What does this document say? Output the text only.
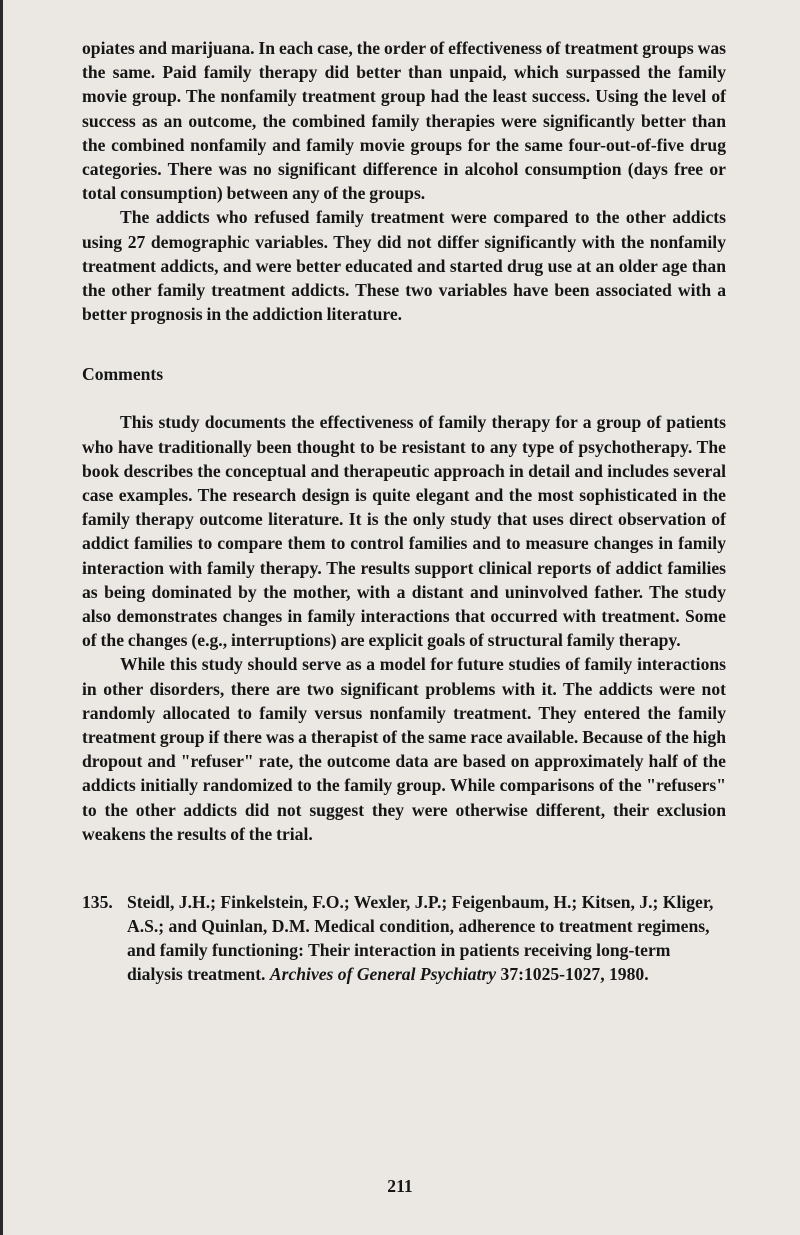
opiates and marijuana. In each case, the order of effectiveness of treatment groups was the same. Paid family therapy did better than unpaid, which surpassed the family movie group. The nonfamily treatment group had the least success. Using the level of success as an outcome, the combined family therapies were significantly better than the combined nonfamily and family movie groups for the same four-out-of-five drug categories. There was no significant difference in alcohol consumption (days free or total consumption) between any of the groups.

The addicts who refused family treatment were compared to the other addicts using 27 demographic variables. They did not differ significantly with the nonfamily treatment addicts, and were better educated and started drug use at an older age than the other family treatment addicts. These two variables have been associated with a better prognosis in the addiction literature.

Comments

This study documents the effectiveness of family therapy for a group of patients who have traditionally been thought to be resistant to any type of psychotherapy. The book describes the conceptual and therapeutic approach in detail and includes several case examples. The research design is quite elegant and the most sophisticated in the family therapy outcome literature. It is the only study that uses direct observation of addict families to compare them to control families and to measure changes in family interaction with family therapy. The results support clinical reports of addict families as being dominated by the mother, with a distant and uninvolved father. The study also demonstrates changes in family interactions that occurred with treatment. Some of the changes (e.g., interruptions) are explicit goals of structural family therapy.

While this study should serve as a model for future studies of family interactions in other disorders, there are two significant problems with it. The addicts were not randomly allocated to family versus nonfamily treatment. They entered the family treatment group if there was a therapist of the same race available. Because of the high dropout and "refuser" rate, the outcome data are based on approximately half of the addicts initially randomized to the family group. While comparisons of the "refusers" to the other addicts did not suggest they were otherwise different, their exclusion weakens the results of the trial.

135. Steidl, J.H.; Finkelstein, F.O.; Wexler, J.P.; Feigenbaum, H.; Kitsen, J.; Kliger, A.S.; and Quinlan, D.M. Medical condition, adherence to treatment regimens, and family functioning: Their interaction in patients receiving long-term dialysis treatment. Archives of General Psychiatry 37:1025-1027, 1980.
211
